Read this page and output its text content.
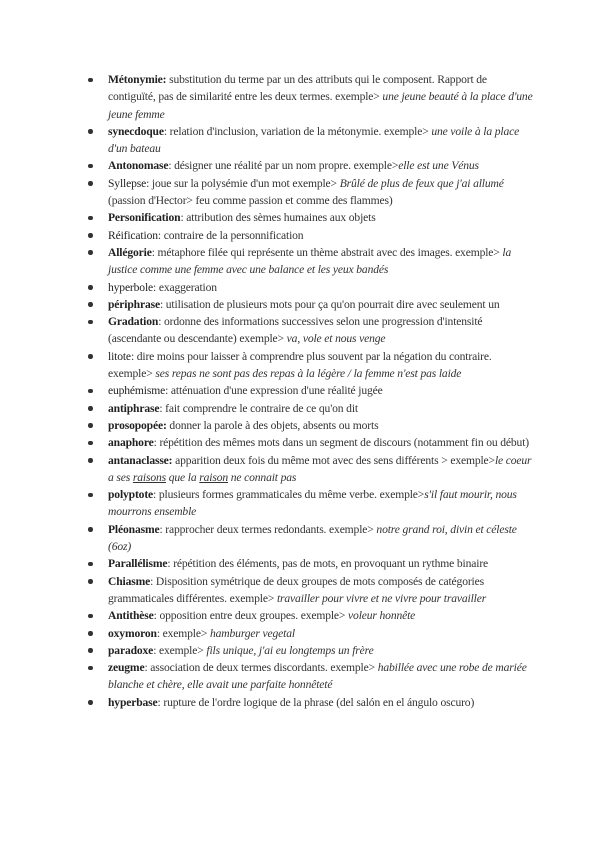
Métonymie: substitution du terme par un des attributs qui le composent. Rapport de contiguïté, pas de similarité entre les deux termes. exemple> une jeune beauté à la place d'une jeune femme
synecdoque: relation d'inclusion, variation de la métonymie. exemple> une voile à la place d'un bateau
Antonomase: désigner une réalité par un nom propre. exemple>elle est une Vénus
Syllepse: joue sur la polysémie d'un mot exemple> Brûlé de plus de feux que j'ai allumé (passion d'Hector> feu comme passion et comme des flammes)
Personification: attribution des sèmes humaines aux objets
Réification: contraire de la personnification
Allégorie: métaphore filée qui représente un thème abstrait avec des images. exemple> la justice comme une femme avec une balance et les yeux bandés
hyperbole: exaggeration
périphrase: utilisation de plusieurs mots pour ça qu'on pourrait dire avec seulement un
Gradation: ordonne des informations successives selon une progression d'intensité (ascendante ou descendante) exemple> va, vole et nous venge
litote: dire moins pour laisser à comprendre plus souvent par la négation du contraire. exemple> ses repas ne sont pas des repas à la légère / la femme n'est pas laide
euphémisme: atténuation d'une expression d'une réalité jugée
antiphrase: fait comprendre le contraire de ce qu'on dit
prosopopée: donner la parole à des objets, absents ou morts
anaphore: répétition des mêmes mots dans un segment de discours (notamment fin ou début)
antanaclasse: apparition deux fois du même mot avec des sens différents > exemple>le coeur a ses raisons que la raison ne connait pas
polyptote: plusieurs formes grammaticales du même verbe. exemple>s'il faut mourir, nous mourrons ensemble
Pléonasme: rapprocher deux termes redondants. exemple> notre grand roi, divin et céleste (6oz)
Parallélisme: répétition des éléments, pas de mots, en provoquant un rythme binaire
Chiasme: Disposition symétrique de deux groupes de mots composés de catégories grammaticales différentes. exemple> travailler pour vivre et ne vivre pour travailler
Antithèse: opposition entre deux groupes. exemple> voleur honnête
oxymoron: exemple> hamburger vegetal
paradoxe: exemple> fils unique, j'ai eu longtemps un frère
zeugme: association de deux termes discordants. exemple> habillée avec une robe de mariée blanche et chère, elle avait une parfaite honnêteté
hyperbase: rupture de l'ordre logique de la phrase (del salón en el ángulo oscuro)
